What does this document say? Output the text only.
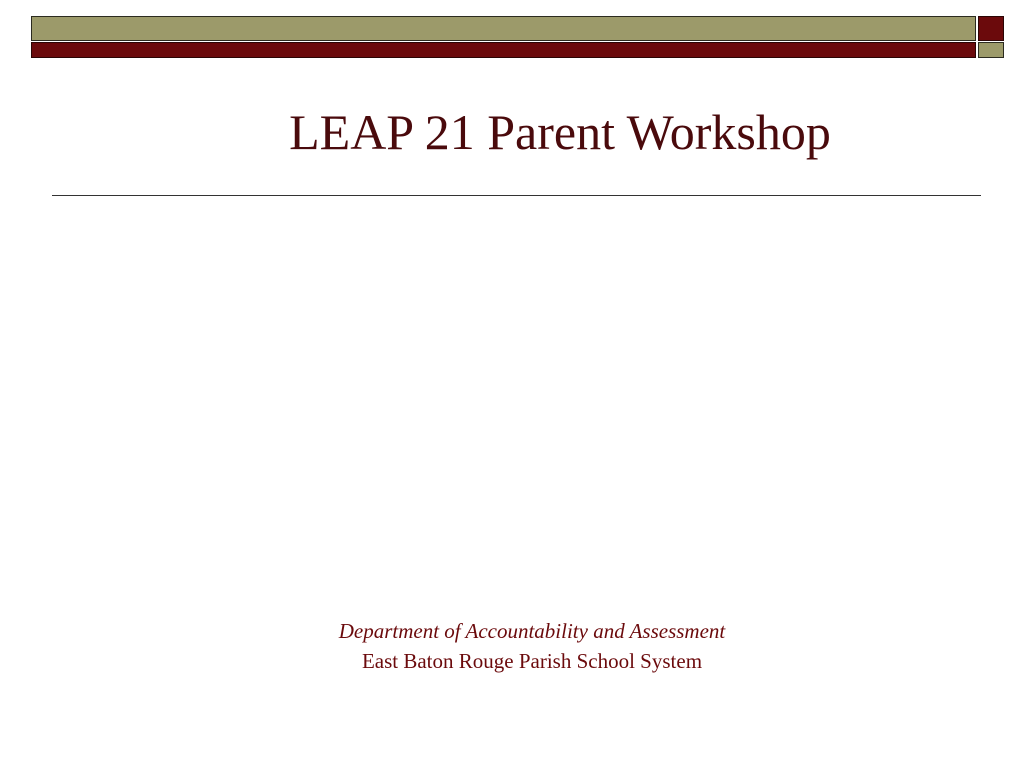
LEAP 21 Parent Workshop
Department of Accountability and Assessment
East Baton Rouge Parish School System
